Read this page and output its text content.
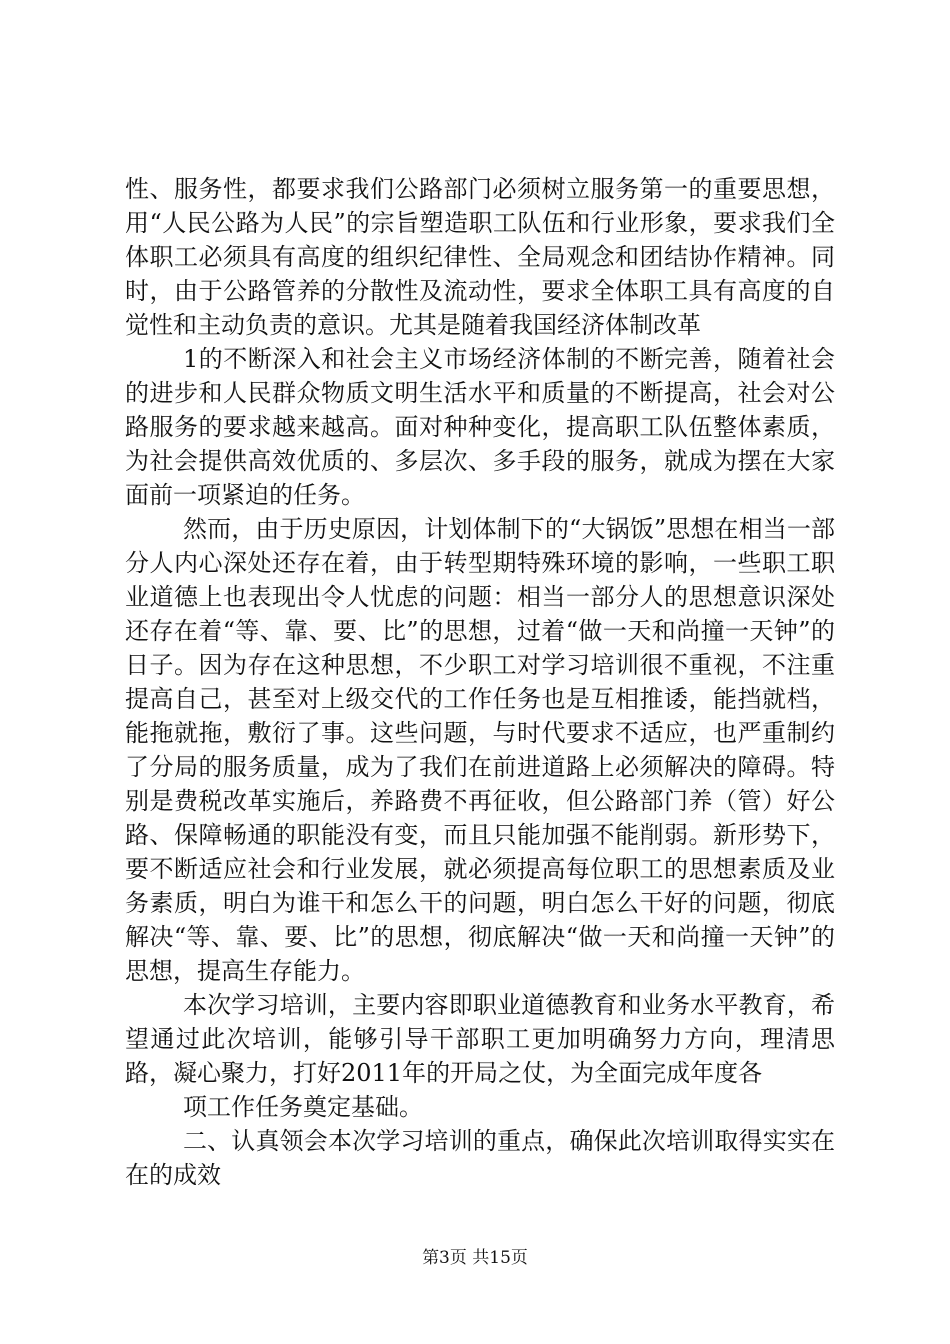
性、服务性，都要求我们公路部门必须树立服务第一的重要思想，用“人民公路为人民”的宗旨塑造职工队伍和行业形象，要求我们全体职工必须具有高度的组织纪律性、全局观念和团结协作精神。同时，由于公路管养的分散性及流动性，要求全体职工具有高度的自觉性和主动负责的意识。尤其是随着我国经济体制改革

1的不断深入和社会主义市场经济体制的不断完善，随着社会的进步和人民群众物质文明生活水平和质量的不断提高，社会对公路服务的要求越来越高。面对种种变化，提高职工队伍整体素质，为社会提供高效优质的、多层次、多手段的服务，就成为摆在大家面前一项紧迫的任务。

然而，由于历史原因，计划体制下的“大锅饭”思想在相当一部分人内心深处还存在着，由于转型期特殊环境的影响，一些职工职业道德上也表现出令人忧虑的问题：相当一部分人的思想意识深处还存在着“等、靠、要、比”的思想，过着“做一天和尚撞一天钟”的日子。因为存在这种思想，不少职工对学习培训很不重视，不注重提高自己，甚至对上级交代的工作任务也是互相推诿，能挡就档，能拖就拖，敷衍了事。这些问题，与时代要求不适应，也严重制约了分局的服务质量，成为了我们在前进道路上必须解决的障碍。特别是费税改革实施后，养路费不再征收，但公路部门养（管）好公路、保障畅通的职能没有变，而且只能加强不能削弱。新形势下，要不断适应社会和行业发展，就必须提高每位职工的思想素质及业务素质，明白为谁干和怎么干的问题，明白怎么干好的问题，彻底解决“等、靠、要、比”的思想，彻底解决“做一天和尚撞一天钟”的思想，提高生存能力。

本次学习培训，主要内容即职业道德教育和业务水平教育，希望通过此次培训，能够引导干部职工更加明确努力方向，理清思路，凝心聚力，打好2011年的开局之仗，为全面完成年度各

项工作任务奠定基础。

二、认真领会本次学习培训的重点，确保此次培训取得实实在在的成效

第3页 共15页
